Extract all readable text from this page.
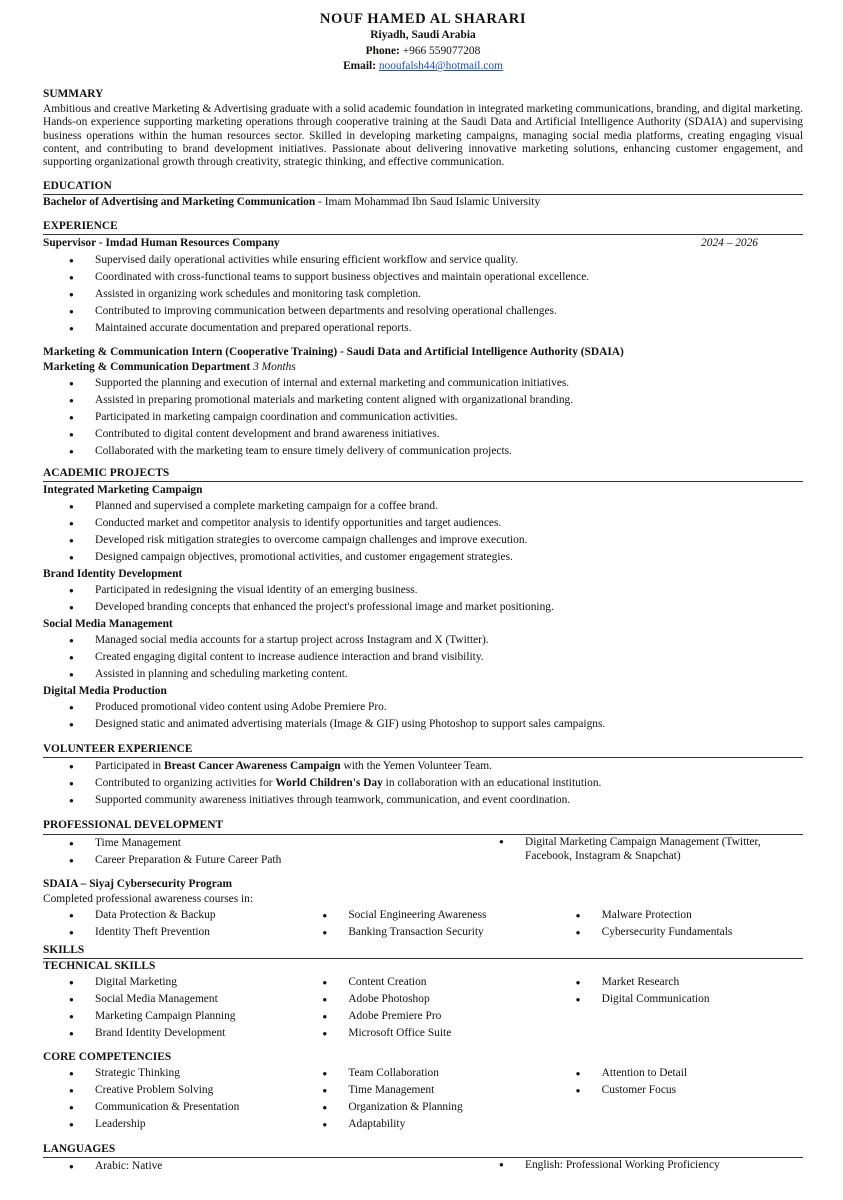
NOUF HAMED AL SHARARI
Riyadh, Saudi Arabia
Phone: +966 559077208
Email: nooufalsh44@hotmail.com
SUMMARY
Ambitious and creative Marketing & Advertising graduate with a solid academic foundation in integrated marketing communications, branding, and digital marketing. Hands-on experience supporting marketing operations through cooperative training at the Saudi Data and Artificial Intelligence Authority (SDAIA) and supervising business operations within the human resources sector. Skilled in developing marketing campaigns, managing social media platforms, creating engaging visual content, and contributing to brand development initiatives. Passionate about delivering innovative marketing solutions, enhancing customer engagement, and supporting organizational growth through creativity, strategic thinking, and effective communication.
EDUCATION
Bachelor of Advertising and Marketing Communication - Imam Mohammad Ibn Saud Islamic University
EXPERIENCE
Supervisor - Imdad Human Resources Company	2024 – 2026
● Supervised daily operational activities while ensuring efficient workflow and service quality.
● Coordinated with cross-functional teams to support business objectives and maintain operational excellence.
● Assisted in organizing work schedules and monitoring task completion.
● Contributed to improving communication between departments and resolving operational challenges.
● Maintained accurate documentation and prepared operational reports.
Marketing & Communication Intern (Cooperative Training) - Saudi Data and Artificial Intelligence Authority (SDAIA)
Marketing & Communication Department 3 Months
● Supported the planning and execution of internal and external marketing and communication initiatives.
● Assisted in preparing promotional materials and marketing content aligned with organizational branding.
● Participated in marketing campaign coordination and communication activities.
● Contributed to digital content development and brand awareness initiatives.
● Collaborated with the marketing team to ensure timely delivery of communication projects.
ACADEMIC PROJECTS
Integrated Marketing Campaign
● Planned and supervised a complete marketing campaign for a coffee brand.
● Conducted market and competitor analysis to identify opportunities and target audiences.
● Developed risk mitigation strategies to overcome campaign challenges and improve execution.
● Designed campaign objectives, promotional activities, and customer engagement strategies.
Brand Identity Development
● Participated in redesigning the visual identity of an emerging business.
● Developed branding concepts that enhanced the project's professional image and market positioning.
Social Media Management
● Managed social media accounts for a startup project across Instagram and X (Twitter).
● Created engaging digital content to increase audience interaction and brand visibility.
● Assisted in planning and scheduling marketing content.
Digital Media Production
● Produced promotional video content using Adobe Premiere Pro.
● Designed static and animated advertising materials (Image & GIF) using Photoshop to support sales campaigns.
VOLUNTEER EXPERIENCE
● Participated in Breast Cancer Awareness Campaign with the Yemen Volunteer Team.
● Contributed to organizing activities for World Children's Day in collaboration with an educational institution.
● Supported community awareness initiatives through teamwork, communication, and event coordination.
PROFESSIONAL DEVELOPMENT
● Time Management
● Career Preparation & Future Career Path
● Digital Marketing Campaign Management (Twitter, Facebook, Instagram & Snapchat)
SDAIA – Siyaj Cybersecurity Program
Completed professional awareness courses in:
● Data Protection & Backup
● Identity Theft Prevention
● Social Engineering Awareness
● Banking Transaction Security
● Malware Protection
● Cybersecurity Fundamentals
SKILLS
TECHNICAL SKILLS
● Digital Marketing
● Social Media Management
● Marketing Campaign Planning
● Brand Identity Development
● Content Creation
● Adobe Photoshop
● Adobe Premiere Pro
● Microsoft Office Suite
● Market Research
● Digital Communication
CORE COMPETENCIES
● Strategic Thinking
● Creative Problem Solving
● Communication & Presentation
● Leadership
● Team Collaboration
● Time Management
● Organization & Planning
● Adaptability
● Attention to Detail
● Customer Focus
LANGUAGES
● Arabic: Native
●	English: Professional Working Proficiency
